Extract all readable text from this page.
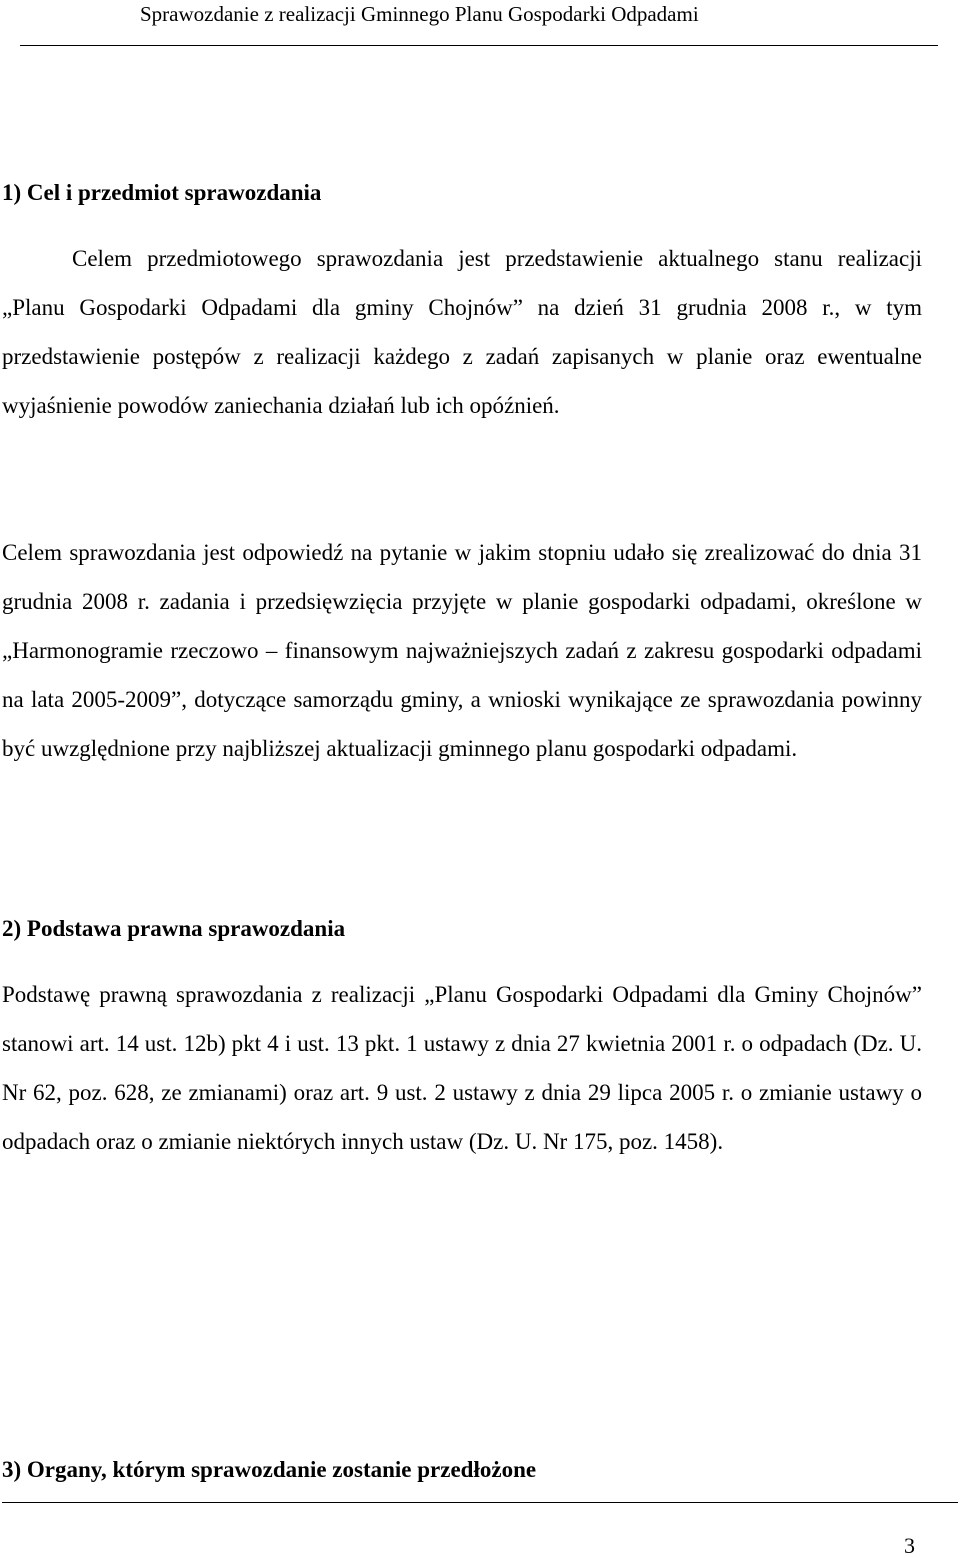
Sprawozdanie z realizacji Gminnego Planu Gospodarki Odpadami
1) Cel i przedmiot sprawozdania

Celem przedmiotowego sprawozdania jest przedstawienie aktualnego stanu realizacji „Planu Gospodarki Odpadami dla gminy Chojnów” na dzień 31 grudnia 2008 r., w tym przedstawienie postępów z realizacji każdego z zadań zapisanych w planie oraz ewentualne wyjaśnienie powodów zaniechania działań lub ich opóźnień.

Celem sprawozdania jest odpowiedź na pytanie w jakim stopniu udało się zrealizować do dnia 31 grudnia 2008 r. zadania i przedsięwzięcia przyjęte w planie gospodarki odpadami, określone w „Harmonogramie rzeczowo – finansowym najważniejszych zadań z zakresu gospodarki odpadami na lata 2005-2009”, dotyczące samorządu gminy, a wnioski wynikające ze sprawozdania powinny być uwzględnione przy najbliższej aktualizacji gminnego planu gospodarki odpadami.

2) Podstawa prawna sprawozdania

Podstawę prawną sprawozdania z realizacji „Planu Gospodarki Odpadami dla Gminy Chojnów” stanowi art. 14 ust. 12b) pkt 4 i ust. 13 pkt. 1 ustawy z dnia 27 kwietnia 2001 r. o odpadach (Dz. U. Nr 62, poz. 628, ze zmianami) oraz art. 9 ust. 2 ustawy z dnia 29 lipca 2005 r. o zmianie ustawy o odpadach oraz o zmianie niektórych innych ustaw (Dz. U. Nr 175, poz. 1458).

3) Organy, którym sprawozdanie zostanie przedłożone
3
